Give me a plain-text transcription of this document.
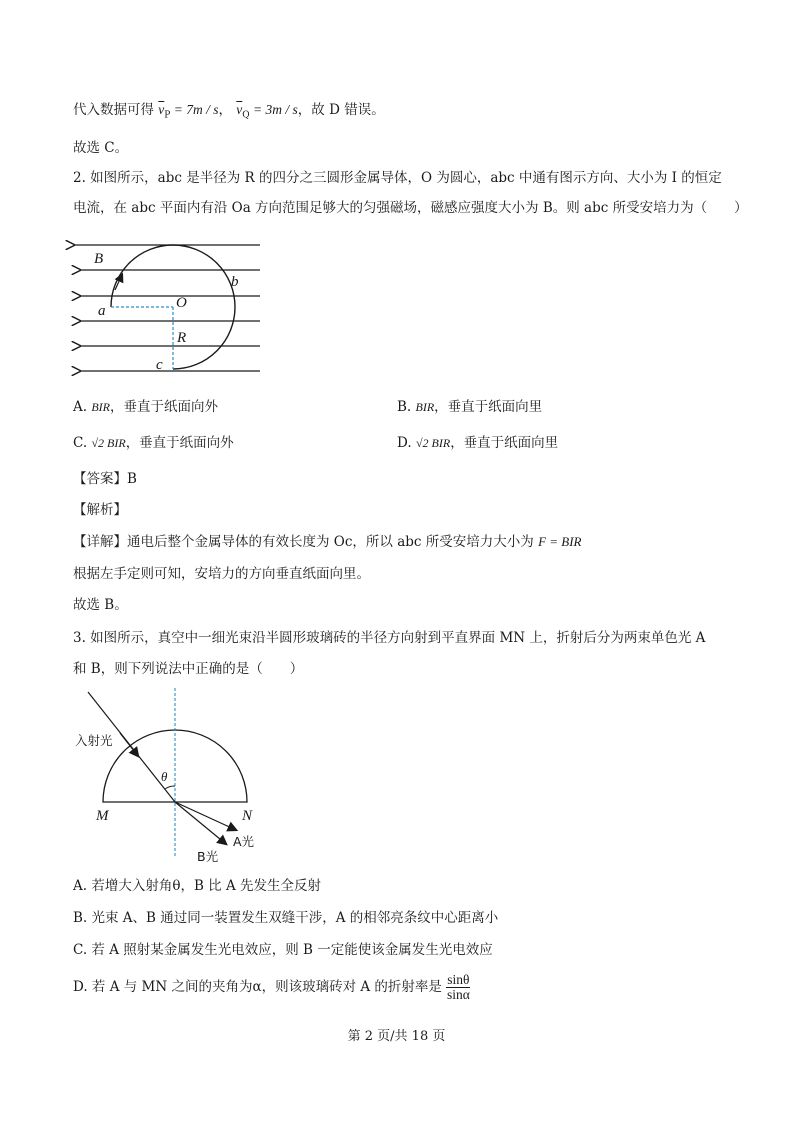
代入数据可得 $\overline{v}_P = 7m / s$， $\overline{v}_Q = 3m / s$，故 D 错误。
故选 C。
2. 如图所示，abc 是半径为 R 的四分之三圆形金属导体，O 为圆心，abc 中通有图示方向、大小为 I 的恒定
电流，在 abc 平面内有沿 Oa 方向范围足够大的匀强磁场，磁感应强度大小为 B。则 abc 所受安培力为（　　）
B
b
O
a
R
c
A. BIR，垂直于纸面向外	B. BIR，垂直于纸面向里
C. √2 BIR，垂直于纸面向外	D. √2 BIR，垂直于纸面向里
【答案】B
【解析】
【详解】通电后整个金属导体的有效长度为 Oc，所以 abc 所受安培力大小为 F = BIR
根据左手定则可知，安培力的方向垂直纸面向里。
故选 B。
3. 如图所示，真空中一细光束沿半圆形玻璃砖的半径方向射到平直界面 MN 上，折射后分为两束单色光 A
和 B，则下列说法中正确的是（　　）
入射光
θ
M	N
A光
B光
A. 若增大入射角θ，B 比 A 先发生全反射
B. 光束 A、B 通过同一装置发生双缝干涉，A 的相邻亮条纹中心距离小
C. 若 A 照射某金属发生光电效应，则 B 一定能使该金属发生光电效应
D. 若 A 与 MN 之间的夹角为α，则该玻璃砖对 A 的折射率是 $\frac{\sin\theta}{\sin\alpha}$
第 2 页/共 18 页
